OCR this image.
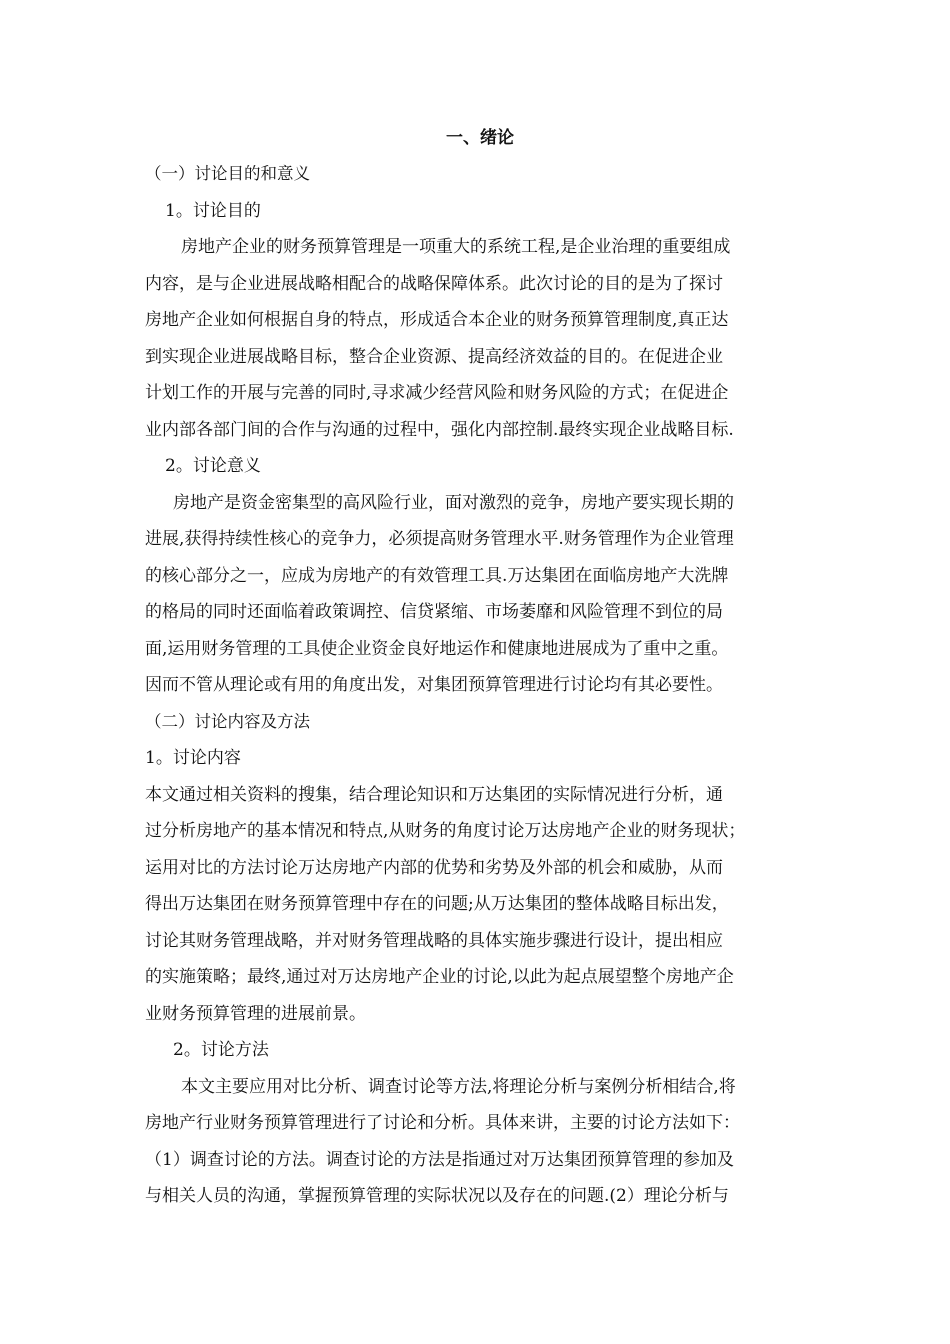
一、绪论
（一）讨论目的和意义
1。讨论目的
房地产企业的财务预算管理是一项重大的系统工程,是企业治理的重要组成
内容，是与企业进展战略相配合的战略保障体系。此次讨论的目的是为了探讨
房地产企业如何根据自身的特点，形成适合本企业的财务预算管理制度,真正达
到实现企业进展战略目标，整合企业资源、提高经济效益的目的。在促进企业
计划工作的开展与完善的同时,寻求减少经营风险和财务风险的方式；在促进企
业内部各部门间的合作与沟通的过程中，强化内部控制.最终实现企业战略目标.
2。讨论意义
房地产是资金密集型的高风险行业，面对激烈的竞争，房地产要实现长期的
进展,获得持续性核心的竞争力，必须提高财务管理水平.财务管理作为企业管理
的核心部分之一，应成为房地产的有效管理工具.万达集团在面临房地产大洗牌
的格局的同时还面临着政策调控、信贷紧缩、市场萎靡和风险管理不到位的局
面,运用财务管理的工具使企业资金良好地运作和健康地进展成为了重中之重。
因而不管从理论或有用的角度出发，对集团预算管理进行讨论均有其必要性。
（二）讨论内容及方法
1。讨论内容
本文通过相关资料的搜集，结合理论知识和万达集团的实际情况进行分析，通
过分析房地产的基本情况和特点,从财务的角度讨论万达房地产企业的财务现状；
运用对比的方法讨论万达房地产内部的优势和劣势及外部的机会和威胁，从而
得出万达集团在财务预算管理中存在的问题;从万达集团的整体战略目标出发，
讨论其财务管理战略，并对财务管理战略的具体实施步骤进行设计，提出相应
的实施策略；最终,通过对万达房地产企业的讨论,以此为起点展望整个房地产企
业财务预算管理的进展前景。
2。讨论方法
本文主要应用对比分析、调查讨论等方法,将理论分析与案例分析相结合,将
房地产行业财务预算管理进行了讨论和分析。具体来讲，主要的讨论方法如下：
（1）调查讨论的方法。调查讨论的方法是指通过对万达集团预算管理的参加及
与相关人员的沟通，掌握预算管理的实际状况以及存在的问题.(2）理论分析与
